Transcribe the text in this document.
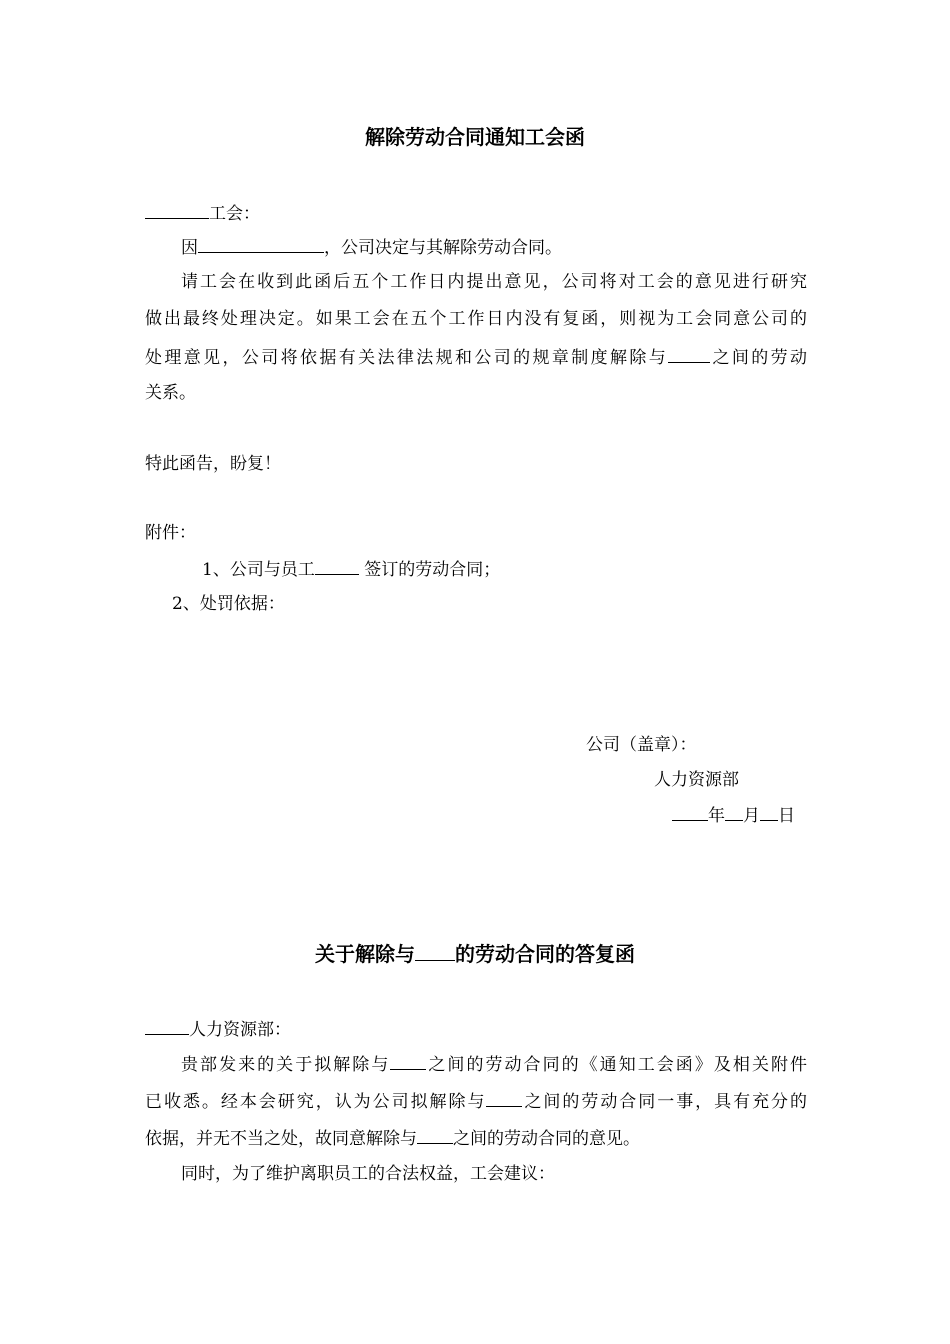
解除劳动合同通知工会函
工会：
因	，公司决定与其解除劳动合同。
请工会在收到此函后五个工作日内提出意见，公司将对工会的意见进行研究
做出最终处理决定。如果工会在五个工作日内没有复函，则视为工会同意公司的
处理意见，公司将依据有关法律法规和公司的规章制度解除与 之间的劳动
关系。
特此函告，盼复！
附件：
1、公司与员工	签订的劳动合同；
2、处罚依据：
公司（盖章）：
人力资源部
年 月 日
关于解除与 的劳动合同的答复函
人力资源部：
贵部发来的关于拟解除与 之间的劳动合同的《通知工会函》及相关附件
已收悉。经本会研究，认为公司拟解除与 之间的劳动合同一事，具有充分的
依据，并无不当之处，故同意解除与 之间的劳动合同的意见。
同时，为了维护离职员工的合法权益，工会建议：
